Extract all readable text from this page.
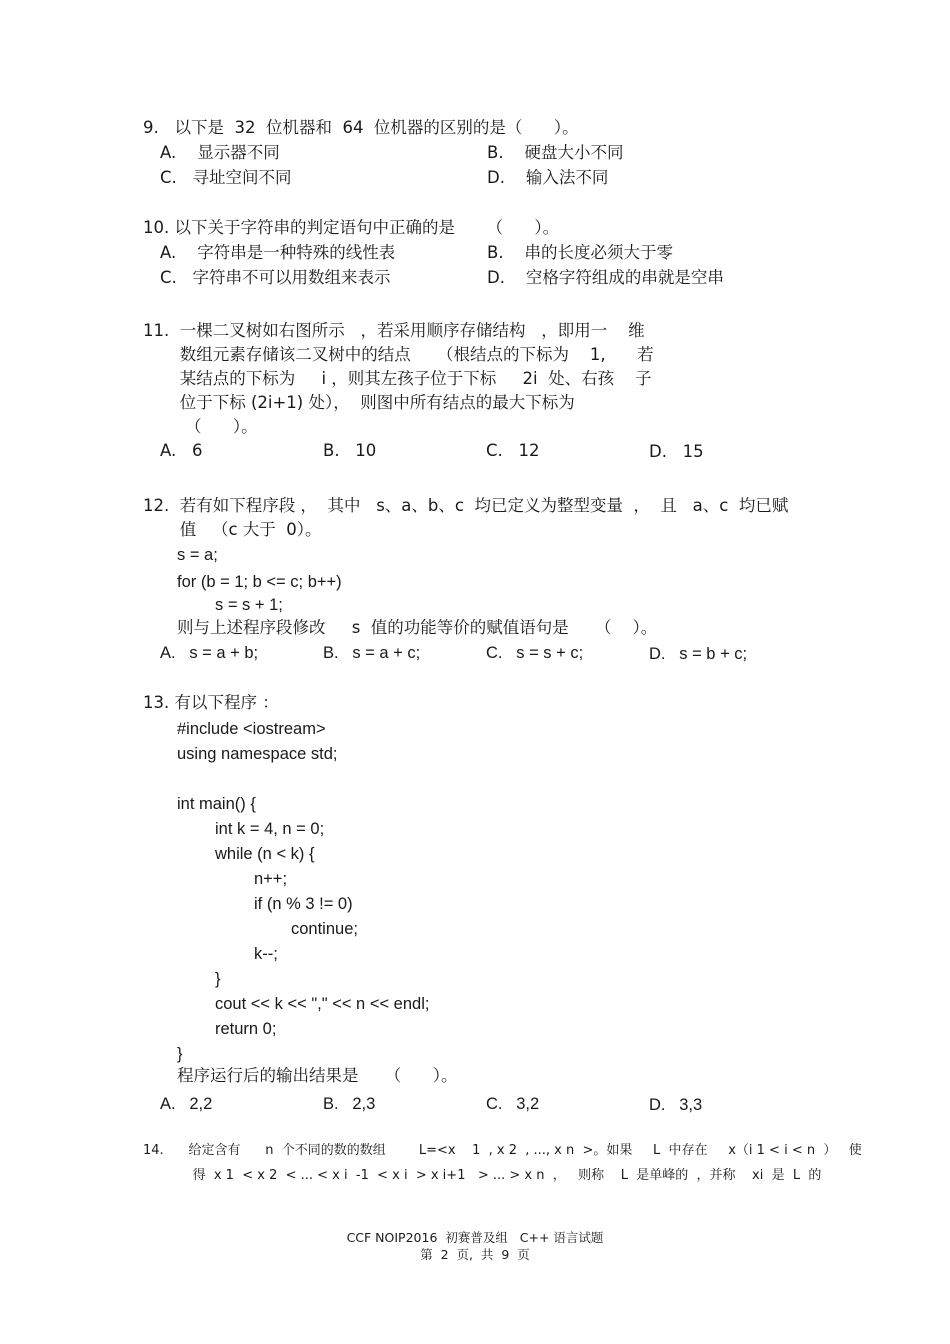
9.   以下是  32  位机器和  64  位机器的区别的是（      ）。
A.    显示器不同	B.    硬盘大小不同
C.   寻址空间不同	D.    输入法不同
10. 以下关于字符串的判定语句中正确的是      （      ）。
A.    字符串是一种特殊的线性表	B.    串的长度必须大于零
C.   字符串不可以用数组来表示	D.    空格字符组成的串就是空串
11.  一棵二叉树如右图所示   ，若采用顺序存储结构   ，即用一    维
数组元素存储该二叉树中的结点     （根结点的下标为    1,      若
某结点的下标为     i ，则其左孩子位于下标     2i  处、右孩    子
位于下标 (2i+1) 处），  则图中所有结点的最大下标为
（      ）。
A.   6	B.   10	C.   12	D.   15
12.  若有如下程序段 ，  其中   s、a、b、c  均已定义为整型变量  ，  且   a、c  均已赋
值   （c 大于  0）。
s = a;
for (b = 1; b <= c; b++)
s = s + 1;
则与上述程序段修改     s  值的功能等价的赋值语句是     （    ）。
A.   s = a + b;	B.   s = a + c;	C.   s = s + c;	D.   s = b + c;
13. 有以下程序 ：
#include <iostream>
using namespace std;
int main() {
int k = 4, n = 0;
while (n < k) {
n++;
if (n % 3 != 0)
continue;
k--;
}
cout << k << "," << n << endl;
return 0;
}
程序运行后的输出结果是     （      ）。
A.   2,2	B.   2,3	C.   3,2	D.   3,3
14.      给定含有      n  个不同的数的数组        L=<x    1  , x 2  , ..., x n  >。如果     L  中存在     x（i 1 < i < n  ）   使
得  x 1  < x 2  < ... < x i  -1  < x i  > x i+1   > ... > x n  ，   则称    L  是单峰的  ，并称    xi  是  L  的
CCF NOIP2016  初赛普及组   C++ 语言试题
第  2  页,  共  9  页
